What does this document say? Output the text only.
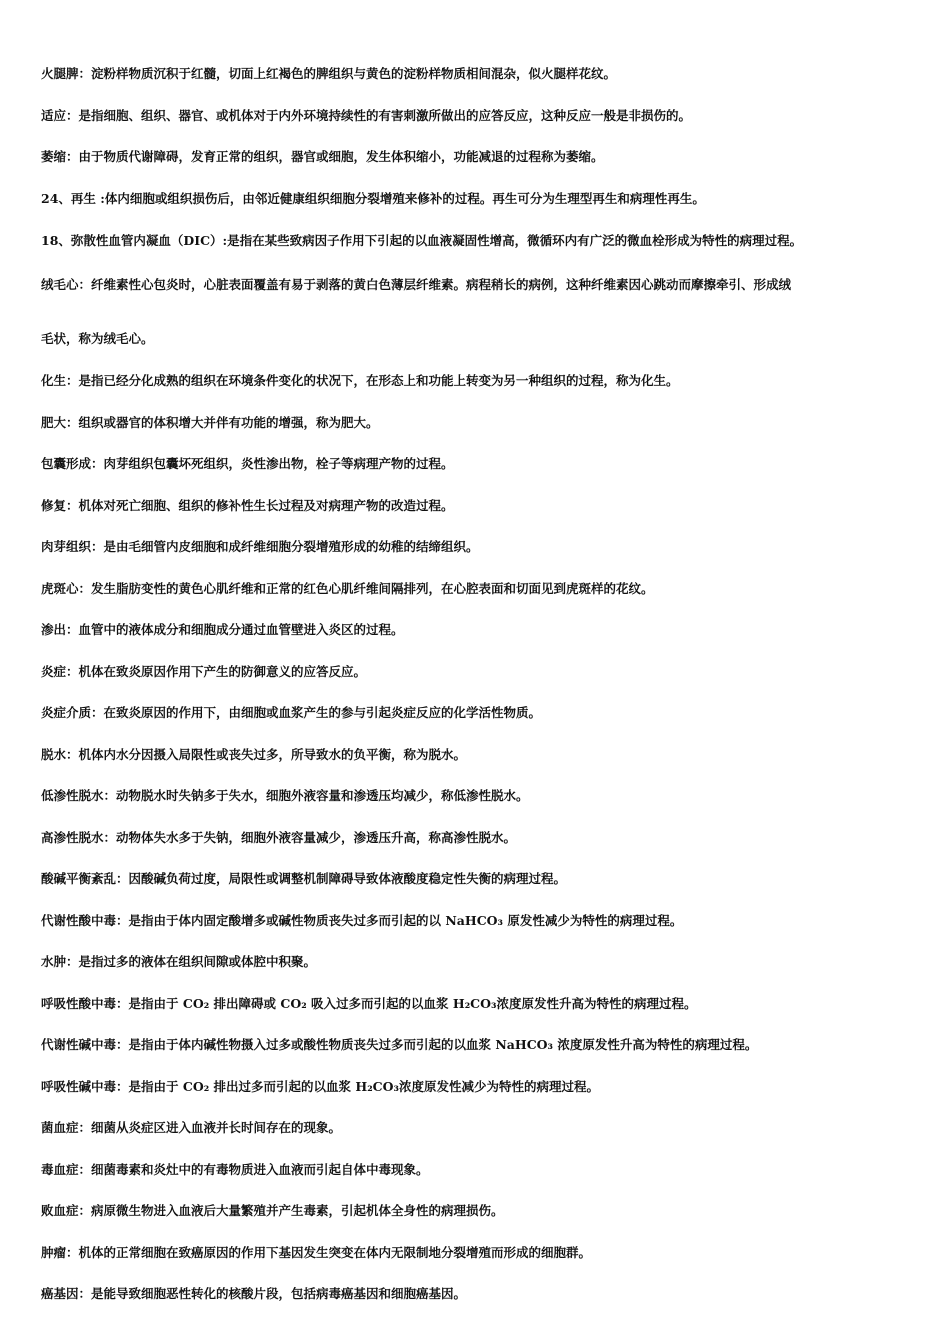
火腿脾：淀粉样物质沉积于红髓，切面上红褐色的脾组织与黄色的淀粉样物质相间混杂，似火腿样花纹。

适应：是指细胞、组织、器官、或机体对于内外环境持续性的有害刺激所做出的应答反应，这种反应一般是非损伤的。

萎缩：由于物质代谢障碍，发育正常的组织，器官或细胞，发生体积缩小，功能减退的过程称为萎缩。

24、再生 :体内细胞或组织损伤后，由邻近健康组织细胞分裂增殖来修补的过程。再生可分为生理型再生和病理性再生。

18、弥散性血管内凝血（DIC）:是指在某些致病因子作用下引起的以血液凝固性增高，微循环内有广泛的微血栓形成为特性的病理过程。

绒毛心：纤维素性心包炎时，心脏表面覆盖有易于剥落的黄白色薄层纤维素。病程稍长的病例，这种纤维素因心跳动而摩擦牵引、形成绒

毛状，称为绒毛心。

化生：是指已经分化成熟的组织在环境条件变化的状况下，在形态上和功能上转变为另一种组织的过程，称为化生。

肥大：组织或器官的体积增大并伴有功能的增强，称为肥大。

包囊形成：肉芽组织包囊坏死组织，炎性渗出物，栓子等病理产物的过程。

修复：机体对死亡细胞、组织的修补性生长过程及对病理产物的改造过程。

肉芽组织：是由毛细管内皮细胞和成纤维细胞分裂增殖形成的幼稚的结缔组织。

虎斑心：发生脂肪变性的黄色心肌纤维和正常的红色心肌纤维间隔排列，在心腔表面和切面见到虎斑样的花纹。

渗出：血管中的液体成分和细胞成分通过血管壁进入炎区的过程。

炎症：机体在致炎原因作用下产生的防御意义的应答反应。

炎症介质：在致炎原因的作用下，由细胞或血浆产生的参与引起炎症反应的化学活性物质。

脱水：机体内水分因摄入局限性或丧失过多，所导致水的负平衡，称为脱水。

低渗性脱水：动物脱水时失钠多于失水，细胞外液容量和渗透压均减少，称低渗性脱水。

高渗性脱水：动物体失水多于失钠，细胞外液容量减少，渗透压升高，称高渗性脱水。

酸碱平衡紊乱：因酸碱负荷过度，局限性或调整机制障碍导致体液酸度稳定性失衡的病理过程。

代谢性酸中毒：是指由于体内固定酸增多或碱性物质丧失过多而引起的以 NaHCO₃ 原发性减少为特性的病理过程。

水肿：是指过多的液体在组织间隙或体腔中积聚。

呼吸性酸中毒：是指由于 CO₂ 排出障碍或 CO₂ 吸入过多而引起的以血浆 H₂CO₃浓度原发性升高为特性的病理过程。

代谢性碱中毒：是指由于体内碱性物摄入过多或酸性物质丧失过多而引起的以血浆 NaHCO₃ 浓度原发性升高为特性的病理过程。

呼吸性碱中毒：是指由于 CO₂ 排出过多而引起的以血浆 H₂CO₃浓度原发性减少为特性的病理过程。

菌血症：细菌从炎症区进入血液并长时间存在的现象。

毒血症：细菌毒素和炎灶中的有毒物质进入血液而引起自体中毒现象。

败血症：病原微生物进入血液后大量繁殖并产生毒素，引起机体全身性的病理损伤。

肿瘤：机体的正常细胞在致癌原因的作用下基因发生突变在体内无限制地分裂增殖而形成的细胞群。

癌基因：是能导致细胞恶性转化的核酸片段，包括病毒癌基因和细胞癌基因。
